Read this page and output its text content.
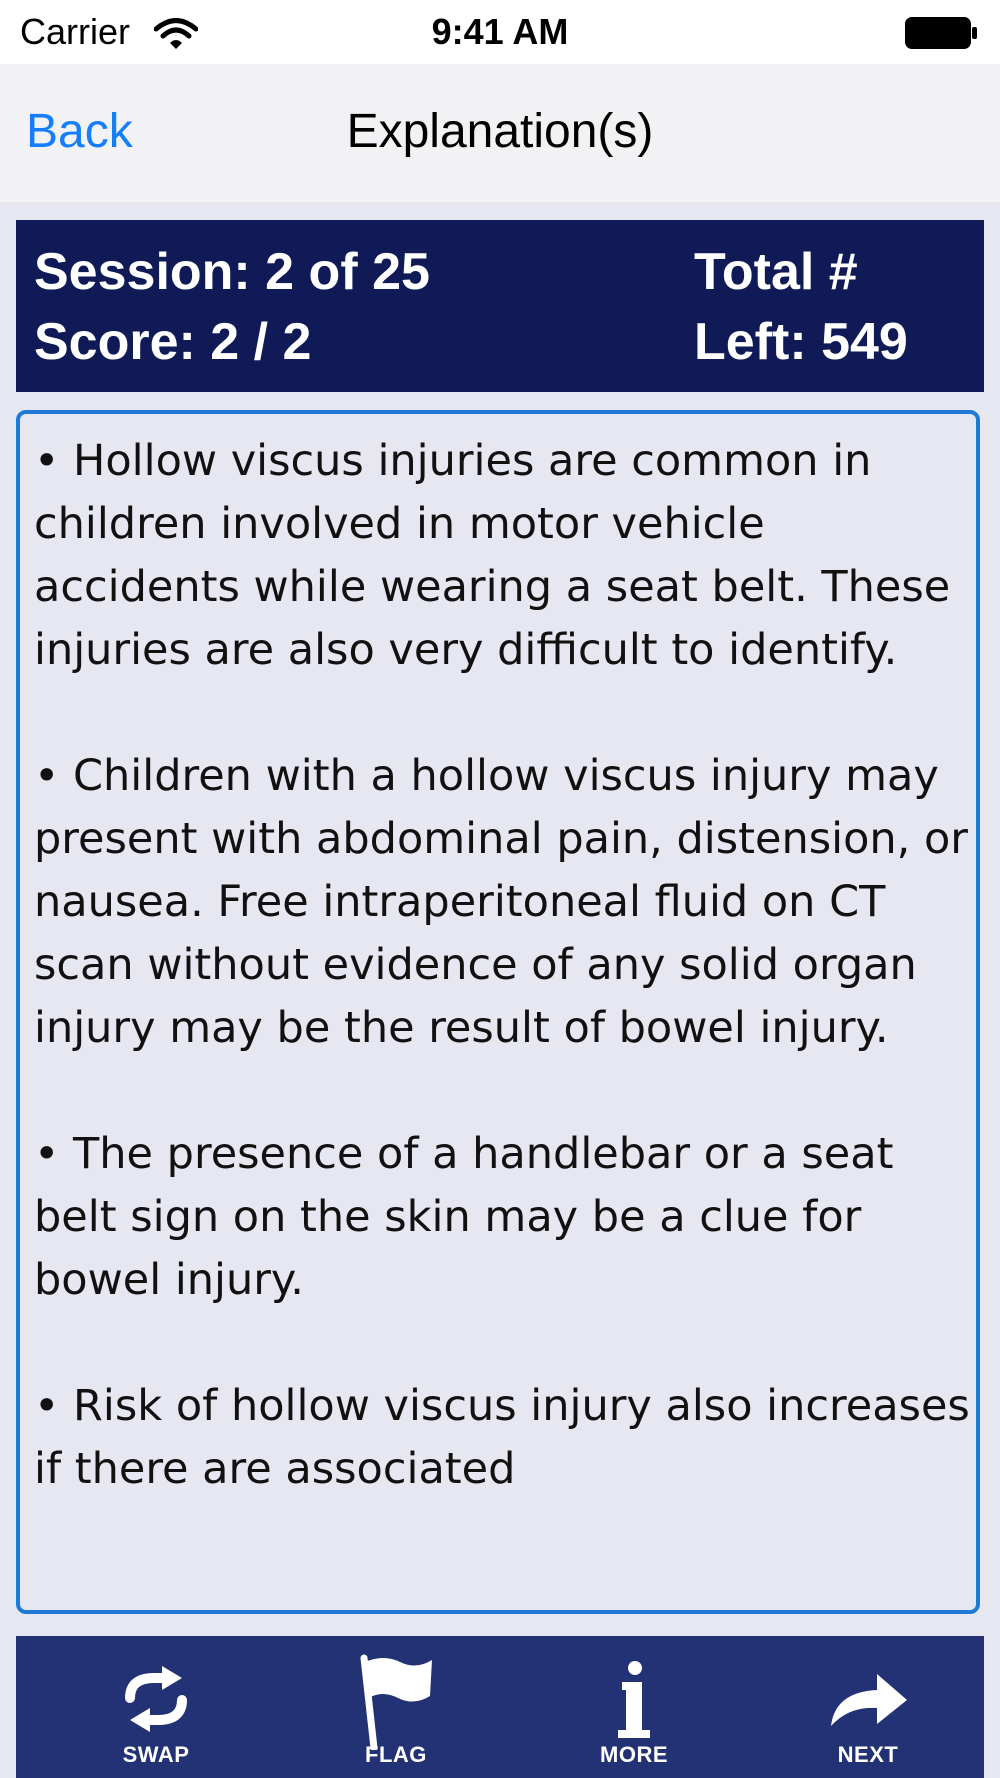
Carrier	9:41 AM
Back	Explanation(s)
Session: 2 of 25
Score: 2 / 2
Total #
Left: 549

• Hollow viscus injuries are common in children involved in motor vehicle accidents while wearing a seat belt. These injuries are also very difficult to identify.

• Children with a hollow viscus injury may present with abdominal pain, distension, or nausea. Free intraperitoneal fluid on CT scan without evidence of any solid organ injury may be the result of bowel injury.

• The presence of a handlebar or a seat belt sign on the skin may be a clue for bowel injury.

• Risk of hollow viscus injury also increases if there are associated

SWAP	FLAG	MORE	NEXT
